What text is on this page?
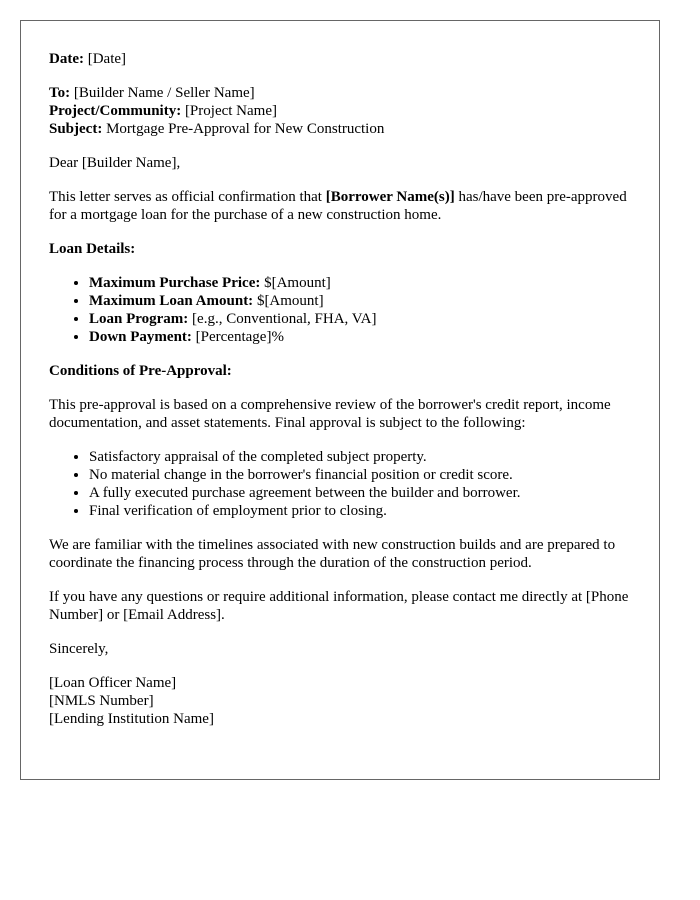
Date: [Date]

To: [Builder Name / Seller Name]
Project/Community: [Project Name]
Subject: Mortgage Pre-Approval for New Construction

Dear [Builder Name],

This letter serves as official confirmation that [Borrower Name(s)] has/have been pre-approved for a mortgage loan for the purchase of a new construction home.

Loan Details:

• Maximum Purchase Price: $[Amount]
• Maximum Loan Amount: $[Amount]
• Loan Program: [e.g., Conventional, FHA, VA]
• Down Payment: [Percentage]%

Conditions of Pre-Approval:

This pre-approval is based on a comprehensive review of the borrower's credit report, income documentation, and asset statements. Final approval is subject to the following:

• Satisfactory appraisal of the completed subject property.
• No material change in the borrower's financial position or credit score.
• A fully executed purchase agreement between the builder and borrower.
• Final verification of employment prior to closing.

We are familiar with the timelines associated with new construction builds and are prepared to coordinate the financing process through the duration of the construction period.

If you have any questions or require additional information, please contact me directly at [Phone Number] or [Email Address].

Sincerely,

[Loan Officer Name]
[NMLS Number]
[Lending Institution Name]
